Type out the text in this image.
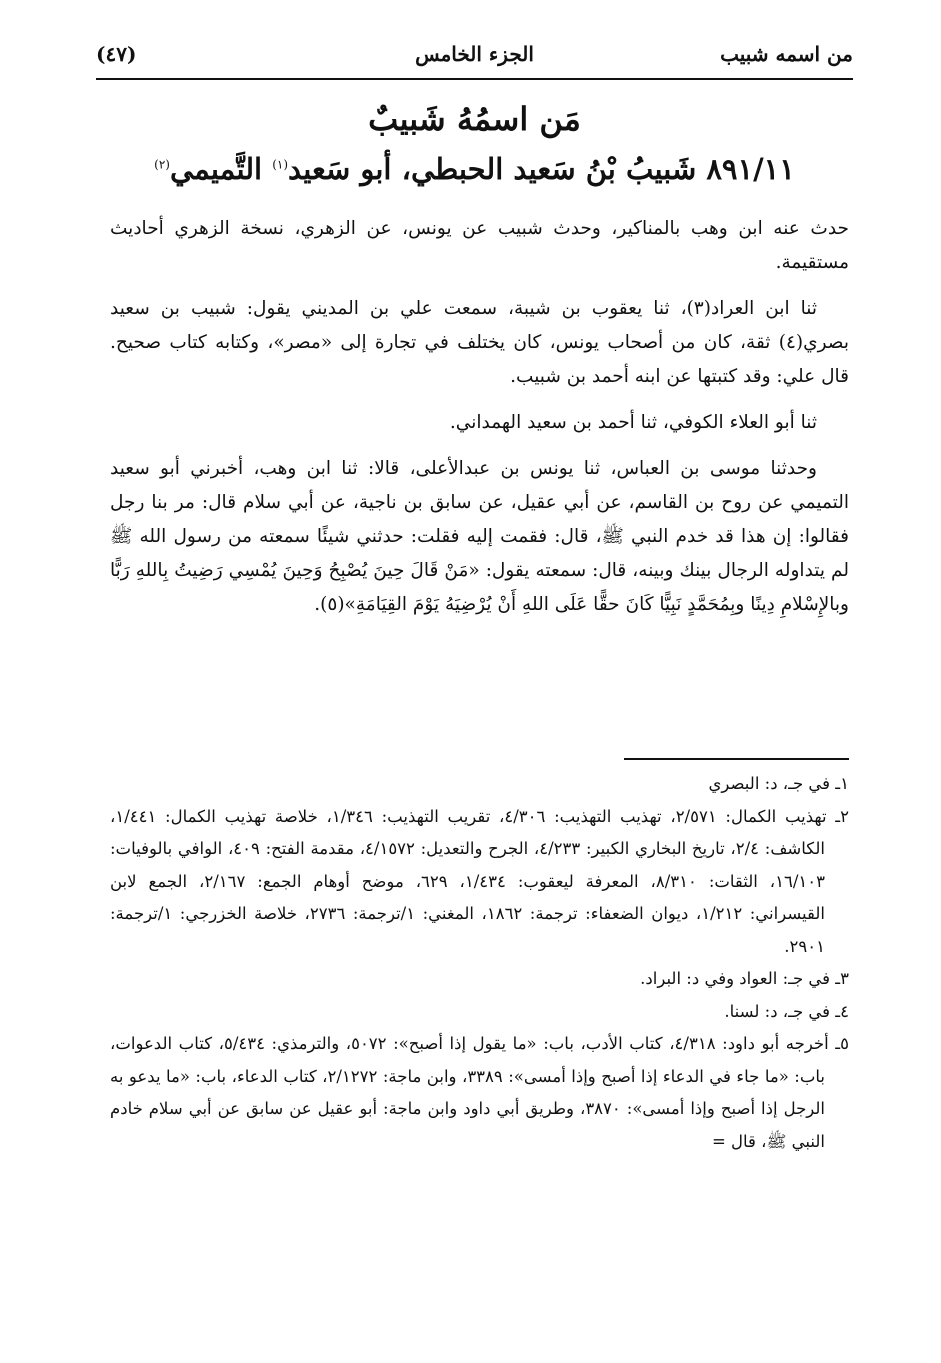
من اسمه شبيب
الجزء الخامس
(٤٧)
مَن اسمُهُ شَبيبٌ
٨٩١/١١ شَبيبُ بْنُ سَعيد الحبطي، أبو سَعيد$^{(١)}$ التَّميمي$^{(٢)}$

حدث عنه ابن وهب بالمناكير، وحدث شبيب عن يونس، عن الزهري، نسخة الزهري أحاديث مستقيمة.

ثنا ابن العراد(٣)، ثنا يعقوب بن شيبة، سمعت علي بن المديني يقول: شبيب بن سعيد بصري(٤) ثقة، كان من أصحاب يونس، كان يختلف في تجارة إلى «مصر»، وكتابه كتاب صحيح. قال علي: وقد كتبتها عن ابنه أحمد بن شبيب.

ثنا أبو العلاء الكوفي، ثنا أحمد بن سعيد الهمداني.

وحدثنا موسى بن العباس، ثنا يونس بن عبدالأعلى، قالا: ثنا ابن وهب، أخبرني أبو سعيد التميمي عن روح بن القاسم، عن أبي عقيل، عن سابق بن ناجية، عن أبي سلام قال: مر بنا رجل فقالوا: إن هذا قد خدم النبي ﷺ، قال: فقمت إليه فقلت: حدثني شيئًا سمعته من رسول الله ﷺ لم يتداوله الرجال بينك وبينه، قال: سمعته يقول: «مَنْ قَالَ حِينَ يُصْبِحُ وَحِينَ يُمْسِي رَضِيتُ بِاللهِ رَبًّا وبالإِسْلامِ دِينًا وبِمُحَمَّدٍ نَبِيًّا كَانَ حقًّا عَلَى اللهِ أَنْ يُرْضِيَهُ يَوْمَ القِيَامَةِ»(٥).

١ـ في جـ، د: البصري

٢ـ تهذيب الكمال: ٢/٥٧١، تهذيب التهذيب: ٤/٣٠٦، تقريب التهذيب: ١/٣٤٦، خلاصة تهذيب الكمال: ١/٤٤١، الكاشف: ٢/٤، تاريخ البخاري الكبير: ٤/٢٣٣، الجرح والتعديل: ٤/١٥٧٢، مقدمة الفتح: ٤٠٩، الوافي بالوفيات: ١٦/١٠٣، الثقات: ٨/٣١٠، المعرفة ليعقوب: ١/٤٣٤، ٦٢٩، موضح أوهام الجمع: ٢/١٦٧، الجمع لابن القيسراني: ١/٢١٢، ديوان الضعفاء: ترجمة: ١٨٦٢، المغني: ١/ترجمة: ٢٧٣٦، خلاصة الخزرجي: ١/ترجمة: ٢٩٠١.

٣ـ في جـ: العواد وفي د: البراد.

٤ـ في جـ، د: لسنا.

٥ـ أخرجه أبو داود: ٤/٣١٨، كتاب الأدب، باب: «ما يقول إذا أصبح»: ٥٠٧٢، والترمذي: ٥/٤٣٤، كتاب الدعوات، باب: «ما جاء في الدعاء إذا أصبح وإذا أمسى»: ٣٣٨٩، وابن ماجة: ٢/١٢٧٢، كتاب الدعاء، باب: «ما يدعو به الرجل إذا أصبح وإذا أمسى»: ٣٨٧٠، وطريق أبي داود وابن ماجة: أبو عقيل عن سابق عن أبي سلام خادم النبي ﷺ، قال =
